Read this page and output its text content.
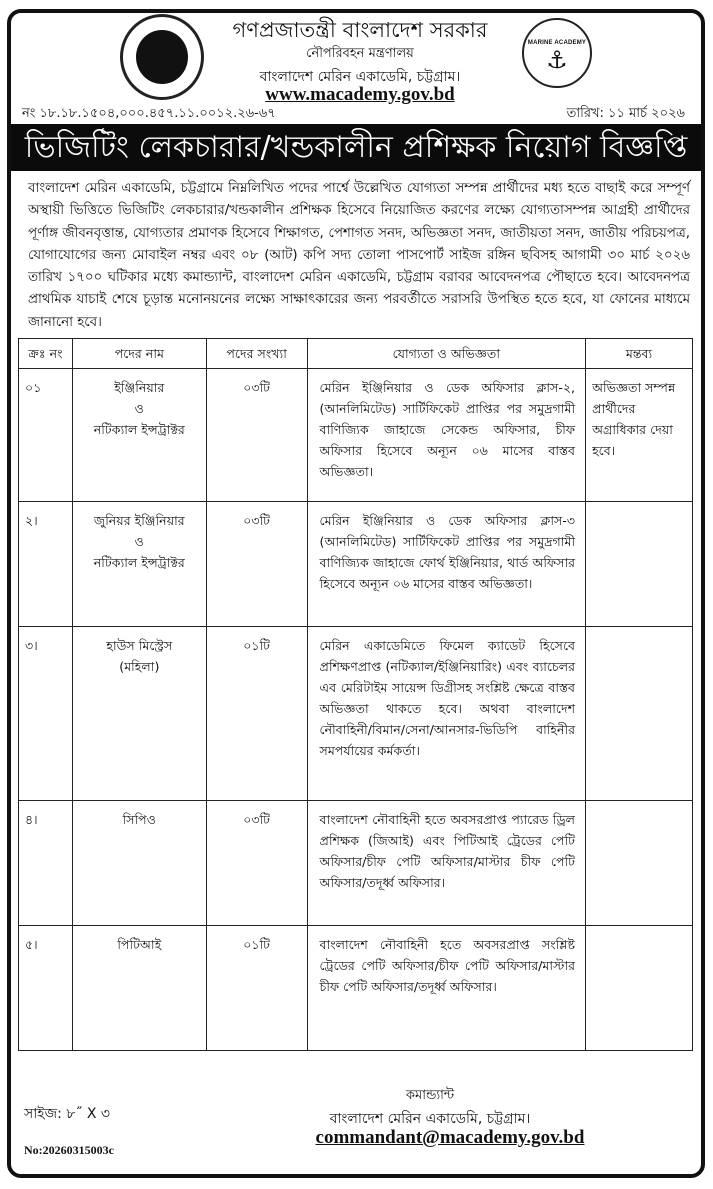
MARINE ACADEMY
⚓
গণপ্রজাতন্ত্রী বাংলাদেশ সরকার
নৌপরিবহন মন্ত্রণালয়
বাংলাদেশ মেরিন একাডেমি, চট্টগ্রাম।
www.macademy.gov.bd
নং ১৮.১৮.১৫০৪,০০০.৪৫৭.১১.০০১২.২৬-৬৭	তারিখ: ১১ মার্চ ২০২৬
ভিজিটিং লেকচারার/খন্ডকালীন প্রশিক্ষক নিয়োগ বিজ্ঞপ্তি
বাংলাদেশ মেরিন একাডেমি, চট্টগ্রামে নিম্নলিখিত পদের পার্শ্বে উল্লেখিত যোগ্যতা সম্পন্ন প্রার্থীদের মধ্য হতে বাছাই করে সম্পূর্ণ অস্থায়ী ভিত্তিতে ভিজিটিং লেকচারার/খন্ডকালীন প্রশিক্ষক হিসেবে নিয়োজিত করণের লক্ষ্যে যোগ্যতাসম্পন্ন আগ্রহী প্রার্থীদের পূর্ণাঙ্গ জীবনবৃত্তান্ত, যোগ্যতার প্রমাণক হিসেবে শিক্ষাগত, পেশাগত সনদ, অভিজ্ঞতা সনদ, জাতীয়তা সনদ, জাতীয় পরিচয়পত্র, যোগাযোগের জন্য মোবাইল নম্বর এবং ০৮ (আট) কপি সদ্য তোলা পাসপোর্ট সাইজ রঙ্গিন ছবিসহ আগামী ৩০ মার্চ ২০২৬ তারিখ ১৭০০ ঘটিকার মধ্যে কমান্ড্যান্ট, বাংলাদেশ মেরিন একাডেমি, চট্টগ্রাম বরাবর আবেদনপত্র পৌছাতে হবে। আবেদনপত্র প্রাথমিক যাচাই শেষে চূড়ান্ত মনোনয়নের লক্ষ্যে সাক্ষাৎকারের জন্য পরবর্তীতে সরাসরি উপস্থিত হতে হবে, যা ফোনের মাধ্যমে জানানো হবে।
ক্রঃ নং	পদের নাম	পদের সংখ্যা	যোগ্যতা ও অভিজ্ঞতা	মন্তব্য
০১	ইঞ্জিনিয়ার
ও
নটিক্যাল ইন্সট্রাক্টর	০৩টি	মেরিন ইঞ্জিনিয়ার ও ডেক অফিসার ক্লাস-২, (আনলিমিটেড) সার্টিফিকেট প্রাপ্তির পর সমুদ্রগামী বাণিজ্যিক জাহাজে সেকেন্ড অফিসার, চীফ অফিসার হিসেবে অন্যূন ০৬ মাসের বাস্তব অভিজ্ঞতা।	অভিজ্ঞতা সম্পন্ন প্রার্থীদের অগ্রাধিকার দেয়া হবে।
২।	জুনিয়র ইঞ্জিনিয়ার
ও
নটিক্যাল ইন্সট্রাক্টর	০৩টি	মেরিন ইঞ্জিনিয়ার ও ডেক অফিসার ক্লাস-৩ (আনলিমিটেড) সার্টিফিকেট প্রাপ্তির পর সমুদ্রগামী বাণিজ্যিক জাহাজে ফোর্থ ইঞ্জিনিয়ার, থার্ড অফিসার হিসেবে অন্যূন ০৬ মাসের বাস্তব অভিজ্ঞতা।	
৩।	হাউস মিস্ট্রেস
(মহিলা)	০১টি	মেরিন একাডেমিতে ফিমেল ক্যাডেট হিসেবে প্রশিক্ষণপ্রাপ্ত (নটিক্যাল/ইঞ্জিনিয়ারিং) এবং ব্যাচেলর এব মেরিটাইম সায়েন্স ডিগ্রীসহ সংশ্লিষ্ট ক্ষেত্রে বাস্তব অভিজ্ঞতা থাকতে হবে। অথবা বাংলাদেশ নৌবাহিনী/বিমান/সেনা/আনসার-ভিডিপি বাহিনীর সমপর্যায়ের কর্মকর্তা।	
৪।	সিপিও	০৩টি	বাংলাদেশ নৌবাহিনী হতে অবসরপ্রাপ্ত প্যারেড ড্রিল প্রশিক্ষক (জিআই) এবং পিটিআই ট্রেডের পেটি অফিসার/চীফ পেটি অফিসার/মাস্টার চীফ পেটি অফিসার/তদূর্ধ্ব অফিসার।	
৫।	পিটিআই	০১টি	বাংলাদেশ নৌবাহিনী হতে অবসরপ্রাপ্ত সংশ্লিষ্ট ট্রেডের পেটি অফিসার/চীফ পেটি অফিসার/মাস্টার চীফ পেটি অফিসার/তদূর্ধ্ব অফিসার।	
সাইজ: ৮˝ X ৩
কমান্ড্যান্ট
বাংলাদেশ মেরিন একাডেমি, চট্টগ্রাম।
commandant@macademy.gov.bd
No:20260315003c
